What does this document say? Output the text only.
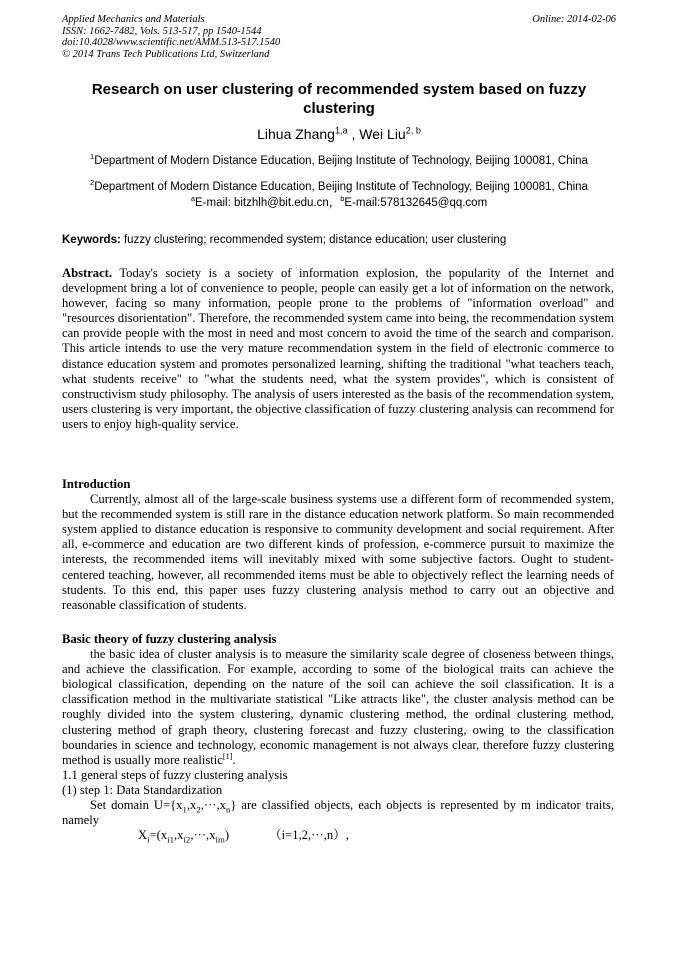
Applied Mechanics and Materials
ISSN: 1662-7482, Vols. 513-517, pp 1540-1544
doi:10.4028/www.scientific.net/AMM.513-517.1540
© 2014 Trans Tech Publications Ltd, Switzerland
Online: 2014-02-06
Research on user clustering of recommended system based on fuzzy clustering
Lihua Zhang$^{1,a}$ , Wei Liu$^{2, b}$
$^1$Department of Modern Distance Education, Beijing Institute of Technology, Beijing 100081, China
$^2$Department of Modern Distance Education, Beijing Institute of Technology, Beijing 100081, China
$^a$E-mail: bitzhlh@bit.edu.cn，$^b$E-mail:578132645@qq.com
Keywords: fuzzy clustering; recommended system; distance education; user clustering
Abstract. Today's society is a society of information explosion, the popularity of the Internet and development bring a lot of convenience to people, people can easily get a lot of information on the network, however, facing so many information, people prone to the problems of "information overload" and "resources disorientation". Therefore, the recommended system came into being, the recommendation system can provide people with the most in need and most concern to avoid the time of the search and comparison. This article intends to use the very mature recommendation system in the field of electronic commerce to distance education system and promotes personalized learning, shifting the traditional "what teachers teach, what students receive" to "what the students need, what the system provides", which is consistent of constructivism study philosophy. The analysis of users interested as the basis of the recommendation system, users clustering is very important, the objective classification of fuzzy clustering analysis can recommend for users to enjoy high-quality service.
Introduction
Currently, almost all of the large-scale business systems use a different form of recommended system, but the recommended system is still rare in the distance education network platform. So main recommended system applied to distance education is responsive to community development and social requirement. After all, e-commerce and education are two different kinds of profession, e-commerce pursuit to maximize the interests, the recommended items will inevitably mixed with some subjective factors. Ought to student-centered teaching, however, all recommended items must be able to objectively reflect the learning needs of students. To this end, this paper uses fuzzy clustering analysis method to carry out an objective and reasonable classification of students.
Basic theory of fuzzy clustering analysis
the basic idea of cluster analysis is to measure the similarity scale degree of closeness between things, and achieve the classification. For example, according to some of the biological traits can achieve the biological classification, depending on the nature of the soil can achieve the soil classification. It is a classification method in the multivariate statistical "Like attracts like", the cluster analysis method can be roughly divided into the system clustering, dynamic clustering method, the ordinal clustering method, clustering method of graph theory, clustering forecast and fuzzy clustering, owing to the classification boundaries in science and technology, economic management is not always clear, therefore fuzzy clustering method is usually more realistic[1].
1.1 general steps of fuzzy clustering analysis
(1) step 1: Data Standardization
Set domain $U=\{x_1,x_2,\cdot\cdot\cdot,x_n\}$ are classified objects, each objects is represented by m indicator traits, namely
$X_i=(x_{i1},x_{i2},\cdot\cdot\cdot,x_{im})$	（i=1,2,···,n）,
